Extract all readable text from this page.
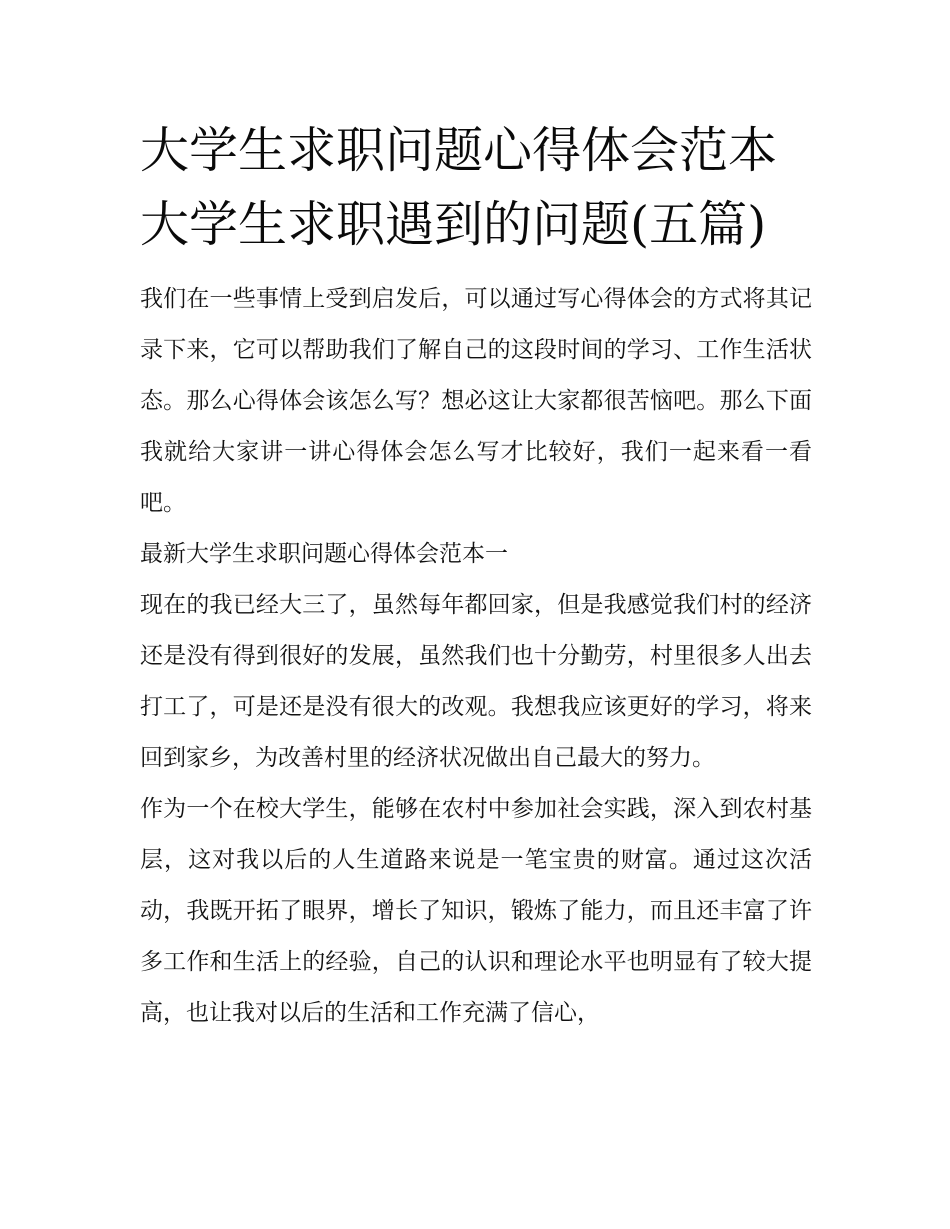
大学生求职问题心得体会范本
大学生求职遇到的问题(五篇)

我们在一些事情上受到启发后，可以通过写心得体会的方式将其记录下来，它可以帮助我们了解自己的这段时间的学习、工作生活状态。那么心得体会该怎么写？想必这让大家都很苦恼吧。那么下面我就给大家讲一讲心得体会怎么写才比较好，我们一起来看一看吧。

最新大学生求职问题心得体会范本一

现在的我已经大三了，虽然每年都回家，但是我感觉我们村的经济还是没有得到很好的发展，虽然我们也十分勤劳，村里很多人出去打工了，可是还是没有很大的改观。我想我应该更好的学习，将来回到家乡，为改善村里的经济状况做出自己最大的努力。

作为一个在校大学生，能够在农村中参加社会实践，深入到农村基层，这对我以后的人生道路来说是一笔宝贵的财富。通过这次活动，我既开拓了眼界，增长了知识，锻炼了能力，而且还丰富了许多工作和生活上的经验，自己的认识和理论水平也明显有了较大提高，也让我对以后的生活和工作充满了信心，
